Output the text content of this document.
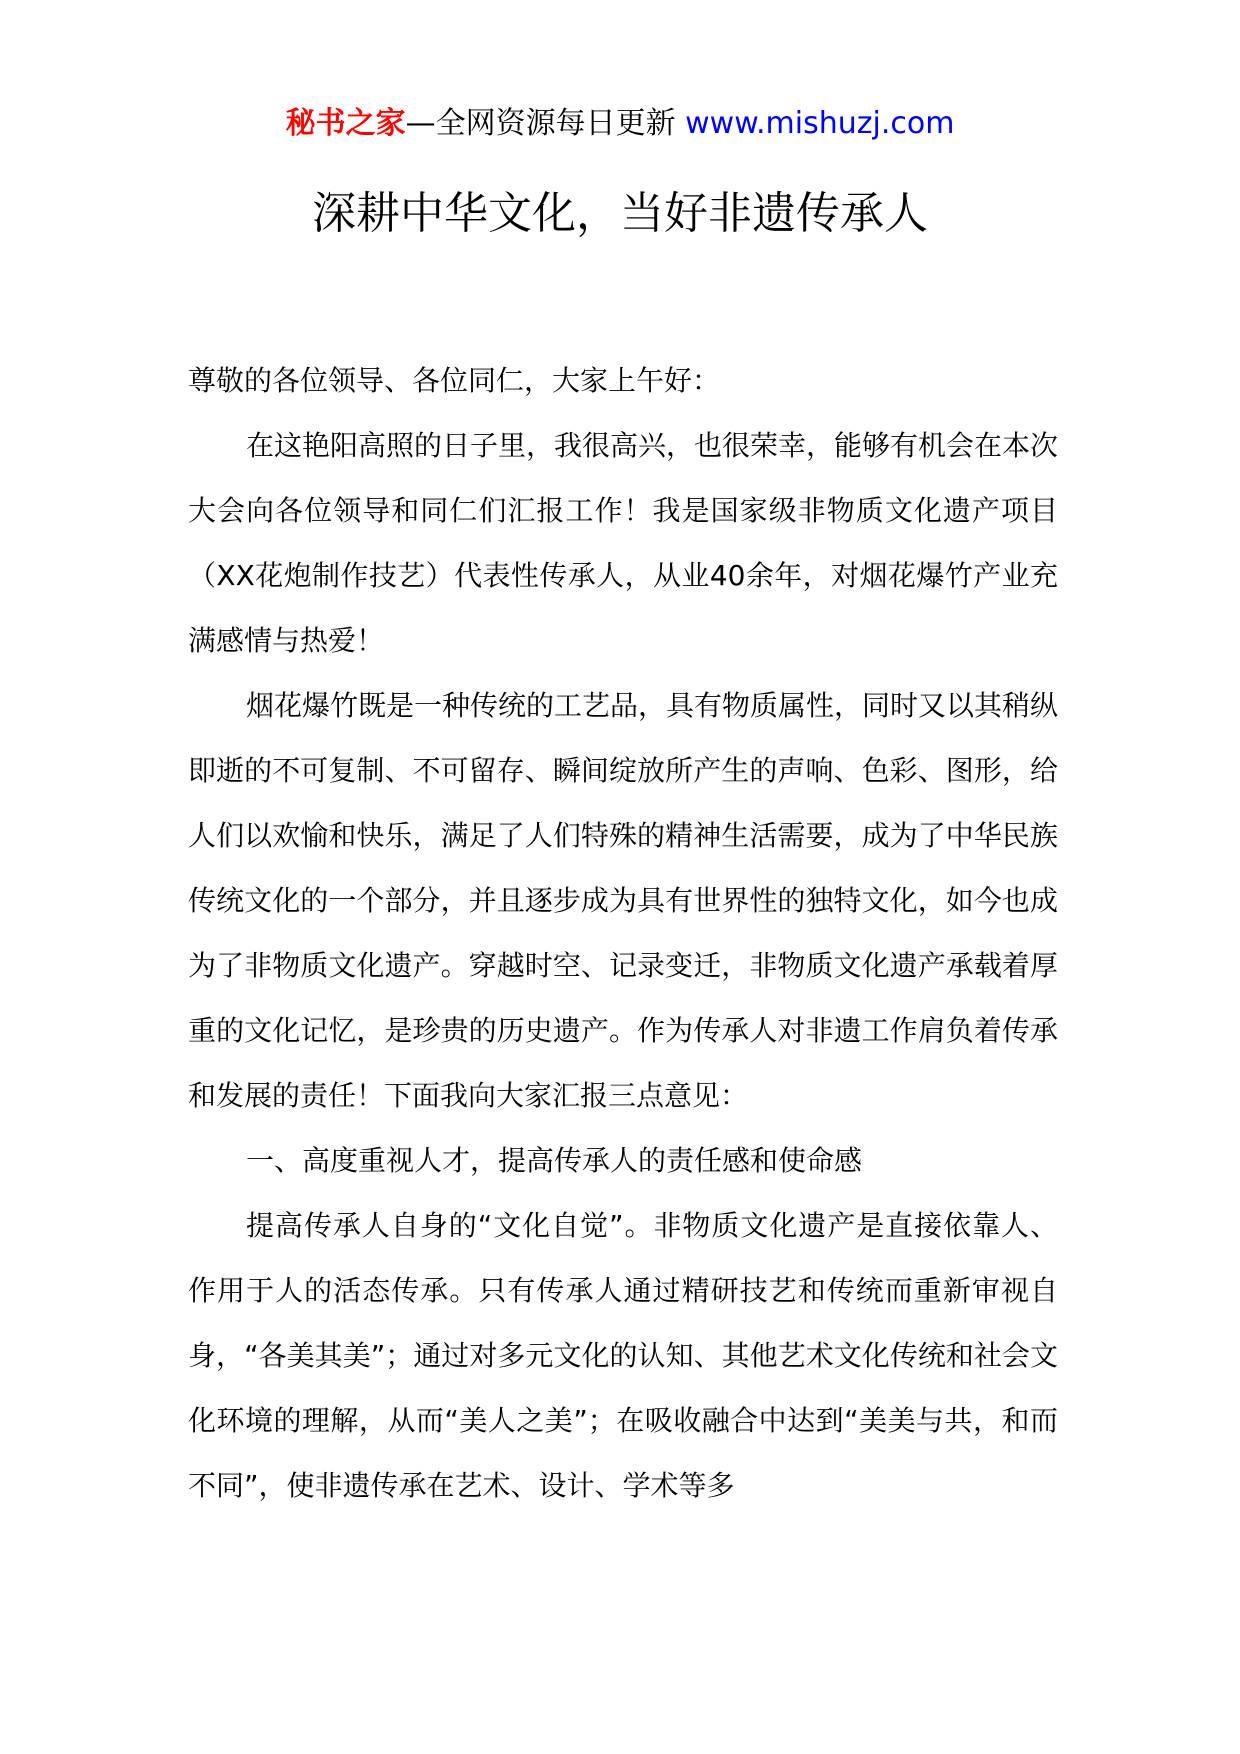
秘书之家—全网资源每日更新 www.mishuzj.com
深耕中华文化，当好非遗传承人

尊敬的各位领导、各位同仁，大家上午好：

在这艳阳高照的日子里，我很高兴，也很荣幸，能够有机会在本次大会向各位领导和同仁们汇报工作！我是国家级非物质文化遗产项目（XX花炮制作技艺）代表性传承人，从业40余年，对烟花爆竹产业充满感情与热爱！

烟花爆竹既是一种传统的工艺品，具有物质属性，同时又以其稍纵即逝的不可复制、不可留存、瞬间绽放所产生的声响、色彩、图形，给人们以欢愉和快乐，满足了人们特殊的精神生活需要，成为了中华民族传统文化的一个部分，并且逐步成为具有世界性的独特文化，如今也成为了非物质文化遗产。穿越时空、记录变迁，非物质文化遗产承载着厚重的文化记忆，是珍贵的历史遗产。作为传承人对非遗工作肩负着传承和发展的责任！下面我向大家汇报三点意见：

一、高度重视人才，提高传承人的责任感和使命感

提高传承人自身的“文化自觉”。非物质文化遗产是直接依靠人、作用于人的活态传承。只有传承人通过精研技艺和传统而重新审视自身，“各美其美”；通过对多元文化的认知、其他艺术文化传统和社会文化环境的理解，从而“美人之美”；在吸收融合中达到“美美与共，和而不同”，使非遗传承在艺术、设计、学术等多
